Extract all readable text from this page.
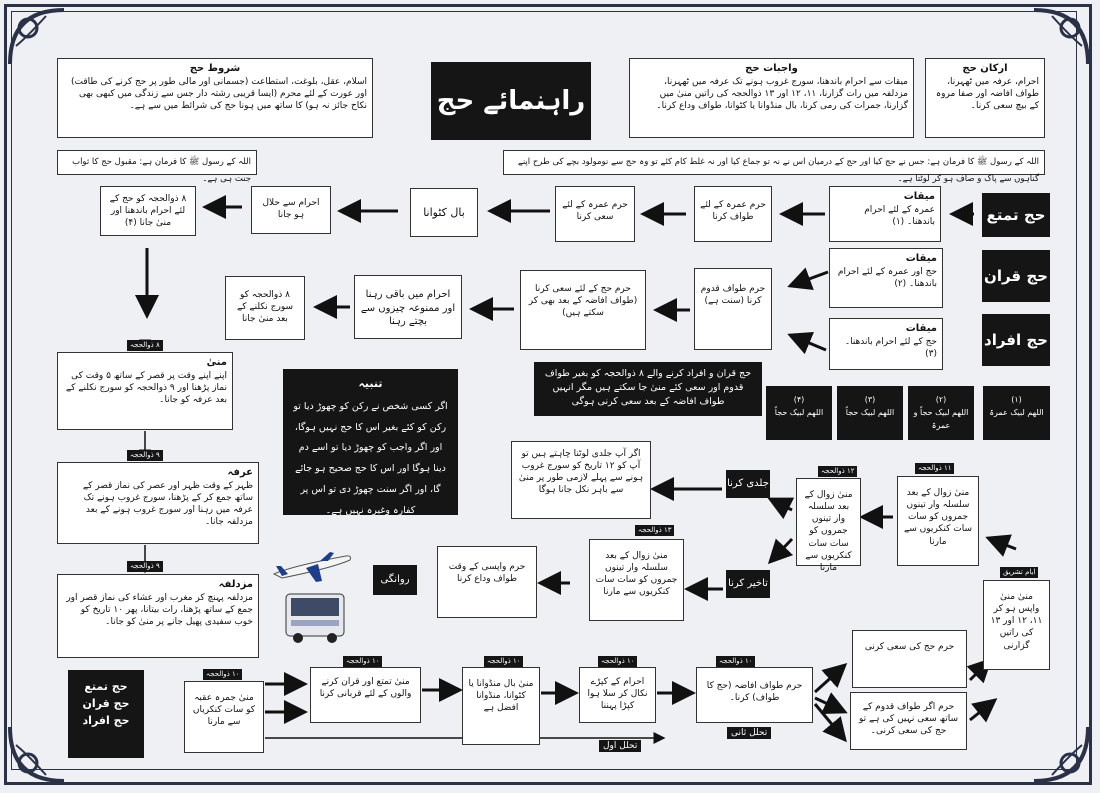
شروط حج
اسلام، عقل، بلوغت، استطاعت (جسمانی اور مالی طور پر حج کرنے کی طاقت) اور عورت کے لئے محرم (ایسا قریبی رشتہ دار جس سے زندگی میں کبھی بھی نکاح جائز نہ ہو) کا ساتھ میں ہونا حج کی شرائط میں سے ہے۔	راہنمائے حج
واجبات حج
میقات سے احرام باندھنا، سورج غروب ہونے تک عرفہ میں ٹھہرنا، مزدلفہ میں رات گزارنا، ۱۱، ۱۲ اور ۱۳ ذوالحجہ کی راتیں منیٰ میں گزارنا، جمرات کی رمی کرنا، بال منڈوانا یا کٹوانا، طواف وداع کرنا۔
ارکان حج
احرام، عرفہ میں ٹھہرنا، طواف افاضہ اور صفا مروہ کے بیچ سعی کرنا۔
اللہ کے رسول ﷺ کا فرمان ہے: جس نے حج کیا اور حج کے درمیان اس نے نہ تو جماع کیا اور نہ غلط کام کئے تو وہ حج سے نومولود بچے کی طرح اپنے گناہوں سے پاک و صاف ہو کر لوٹتا ہے۔
اللہ کے رسول ﷺ کا فرمان ہے: مقبول حج کا ثواب جنت ہی ہے۔
حج تمتع
حج قران
حج افراد
میقات
عمرہ کے لئے احرام باندھنا۔ (۱)
حرم عمرہ کے لئے طواف کرنا
حرم عمرہ کے لئے سعی کرنا
بال کٹوانا
احرام سے حلال ہو جانا
۸ ذوالحجہ کو حج کے لئے احرام باندھنا اور منیٰ جانا (۴)
میقات
حج اور عمرہ کے لئے احرام باندھنا۔ (۲)
میقات
حج کے لئے احرام باندھنا۔ (۳)
حرم طواف قدوم کرنا (سنت ہے)
حرم حج کے لئے سعی کرنا (طواف افاضہ کے بعد بھی کر سکتے ہیں)
احرام میں باقی رہنا اور ممنوعہ چیزوں سے بچتے رہنا
۸ ذوالحجہ کو سورج نکلنے کے بعد منیٰ جانا
(۱)
اللھم لبیک عمرۃ
(۲)
اللھم لبیک حجاً و عمرۃ
(۳)
اللھم لبیک حجاً
(۴)
اللھم لبیک حجاً
حج قران و افراد کرنے والے ۸ ذوالحجہ کو بغیر طواف قدوم اور سعی کئے منیٰ جا سکتے ہیں مگر انہیں طواف افاضہ کے بعد سعی کرنی ہوگی
تنبیہ
اگر کسی شخص نے رکن کو چھوڑ دیا تو رکن کو کئے بغیر اس کا حج نہیں ہوگا، اور اگر واجب کو چھوڑ دیا تو اسے دم دینا ہوگا اور اس کا حج صحیح ہو جائے گا، اور اگر سنت چھوڑ دی تو اس پر کفارہ وغیرہ نہیں ہے۔
۸ ذوالحجہ
منیٰ
اپنے اپنے وقت پر قصر کے ساتھ ۵ وقت کی نماز پڑھنا اور ۹ ذوالحجہ کو سورج نکلنے کے بعد عرفہ کو جانا۔
۹ ذوالحجہ
عرفہ
ظہر کے وقت ظہر اور عصر کی نماز قصر کے ساتھ جمع کر کے پڑھنا، سورج غروب ہونے تک عرفہ میں رہنا اور سورج غروب ہونے کے بعد مزدلفہ جانا۔
۹ ذوالحجہ
مزدلفہ
مزدلفہ پہنچ کر مغرب اور عشاء کی نماز قصر اور جمع کے ساتھ پڑھنا، رات بیتانا، پھر ۱۰ تاریخ کو خوب سفیدی پھیل جانے پر منیٰ کو جانا۔
حج تمتع
حج قران
حج افراد
۱۰ ذوالحجہ
منیٰ جمرہ عقبہ کو سات کنکریاں سے مارنا
۱۰ ذوالحجہ
منیٰ تمتع اور قران کرنے والوں کے لئے قربانی کرنا
۱۰ ذوالحجہ
منیٰ بال منڈوانا یا کٹوانا، منڈوانا افضل ہے
۱۰ ذوالحجہ
احرام کے کپڑے نکال کر سلا ہوا کپڑا پہننا
تحلل اول
۱۰ ذوالحجہ
حرم طواف افاضہ (حج کا طواف) کرنا۔
تحلل ثانی
حرم حج کی سعی کرنی
حرم اگر طواف قدوم کے ساتھ سعی نہیں کی ہے تو حج کی سعی کرنی۔
ایام تشریق
منیٰ منیٰ واپس ہو کر ۱۱، ۱۲ اور ۱۳ کی راتیں گزارنی
۱۱ ذوالحجہ
منیٰ زوال کے بعد سلسلہ وار تینوں جمروں کو سات سات کنکریوں سے مارنا
۱۲ ذوالحجہ
منیٰ زوال کے بعد سلسلہ وار تینوں جمروں کو سات سات کنکریوں سے مارنا
جلدی کرنا
تاخیر کرنا
اگر آپ جلدی لوٹنا چاہتے ہیں تو آپ کو ۱۲ تاریخ کو سورج غروب ہونے سے پہلے لازمی طور پر منیٰ سے باہر نکل جانا ہوگا
۱۳ ذوالحجہ
منیٰ زوال کے بعد سلسلہ وار تینوں جمروں کو سات سات کنکریوں سے مارنا
حرم واپسی کے وقت طواف وداع کرنا
روانگی
